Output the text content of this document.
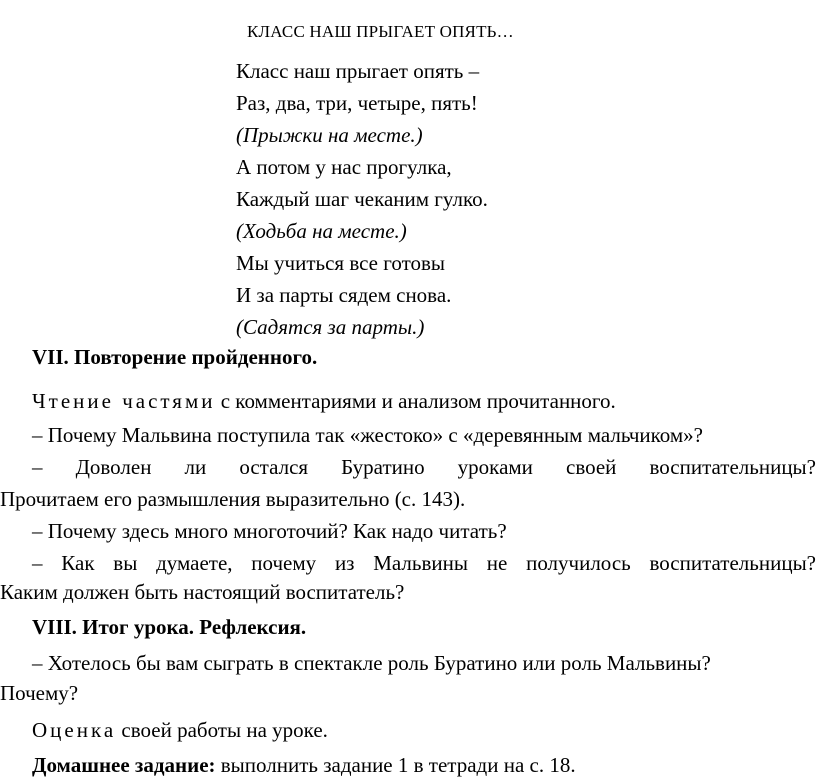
КЛАСС НАШ ПРЫГАЕТ ОПЯТЬ…
Класс наш прыгает опять –
Раз, два, три, четыре, пять!
(Прыжки на месте.)
А потом у нас прогулка,
Каждый шаг чеканим гулко.
(Ходьба на месте.)
Мы учиться все готовы
И за парты сядем снова.
(Садятся за парты.)
VII. Повторение пройденного.
Чтение частями с комментариями и анализом прочитанного.
– Почему Мальвина поступила так «жестоко» с «деревянным мальчиком»?
– Доволен ли остался Буратино уроками своей воспитательницы?
Прочитаем его размышления выразительно (с. 143).
– Почему здесь много многоточий? Как надо читать?
– Как вы думаете, почему из Мальвины не получилось воспитательницы?
Каким должен быть настоящий воспитатель?
VIII. Итог урока. Рефлексия.
– Хотелось бы вам сыграть в спектакле роль Буратино или роль Мальвины?
Почему?
Оценка своей работы на уроке.
Домашнее задание: выполнить задание 1 в тетради на с. 18.
